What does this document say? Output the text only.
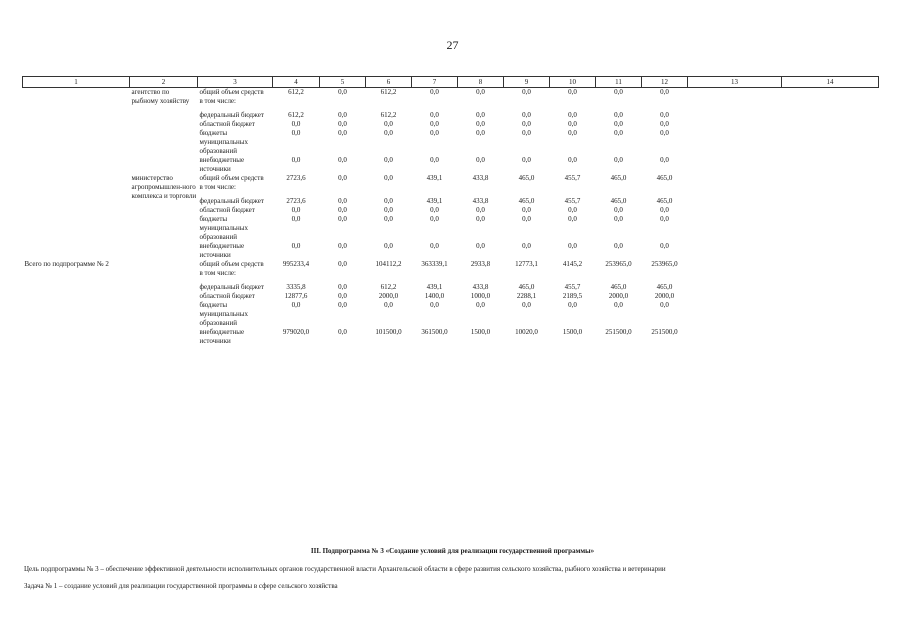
27
1	2	3	4	5	6	7	8	9	10	11	12	13	14
	агентство по рыбному хозяйству	общий объем средств	612,2	0,0	612,2	0,0	0,0	0,0	0,0	0,0	0,0		
		в том числе:											
		федеральный бюджет	612,2	0,0	612,2	0,0	0,0	0,0	0,0	0,0	0,0		
		областной бюджет	0,0	0,0	0,0	0,0	0,0	0,0	0,0	0,0	0,0		
		бюджеты муниципальных образований	0,0	0,0	0,0	0,0	0,0	0,0	0,0	0,0	0,0		
		внебюджетные источники	0,0	0,0	0,0	0,0	0,0	0,0	0,0	0,0	0,0		
	министерство агропромышлен-ного комплекса и торговли	общий объем средств	2723,6	0,0	0,0	439,1	433,8	465,0	455,7	465,0	465,0		
		в том числе:											
		федеральный бюджет	2723,6	0,0	0,0	439,1	433,8	465,0	455,7	465,0	465,0		
		областной бюджет	0,0	0,0	0,0	0,0	0,0	0,0	0,0	0,0	0,0		
		бюджеты муниципальных образований	0,0	0,0	0,0	0,0	0,0	0,0	0,0	0,0	0,0		
		внебюджетные источники	0,0	0,0	0,0	0,0	0,0	0,0	0,0	0,0	0,0		
Всего по подпрограмме № 2		общий объем средств	995233,4	0,0	104112,2	363339,1	2933,8	12773,1	4145,2	253965,0	253965,0		
		в том числе:											
		федеральный бюджет	3335,8	0,0	612,2	439,1	433,8	465,0	455,7	465,0	465,0		
		областной бюджет	12877,6	0,0	2000,0	1400,0	1000,0	2288,1	2189,5	2000,0	2000,0		
		бюджеты муниципальных образований	0,0	0,0	0,0	0,0	0,0	0,0	0,0	0,0	0,0		
		внебюджетные источники	979020,0	0,0	101500,0	361500,0	1500,0	10020,0	1500,0	251500,0	251500,0		
III. Подпрограмма № 3 «Создание условий для реализации государственной программы»
Цель подпрограммы № 3 – обеспечение эффективной деятельности исполнительных органов государственной власти Архангельской области в сфере развития сельского хозяйства, рыбного хозяйства и ветеринарии
Задача № 1 – создание условий для реализации государственной программы в сфере сельского хозяйства
